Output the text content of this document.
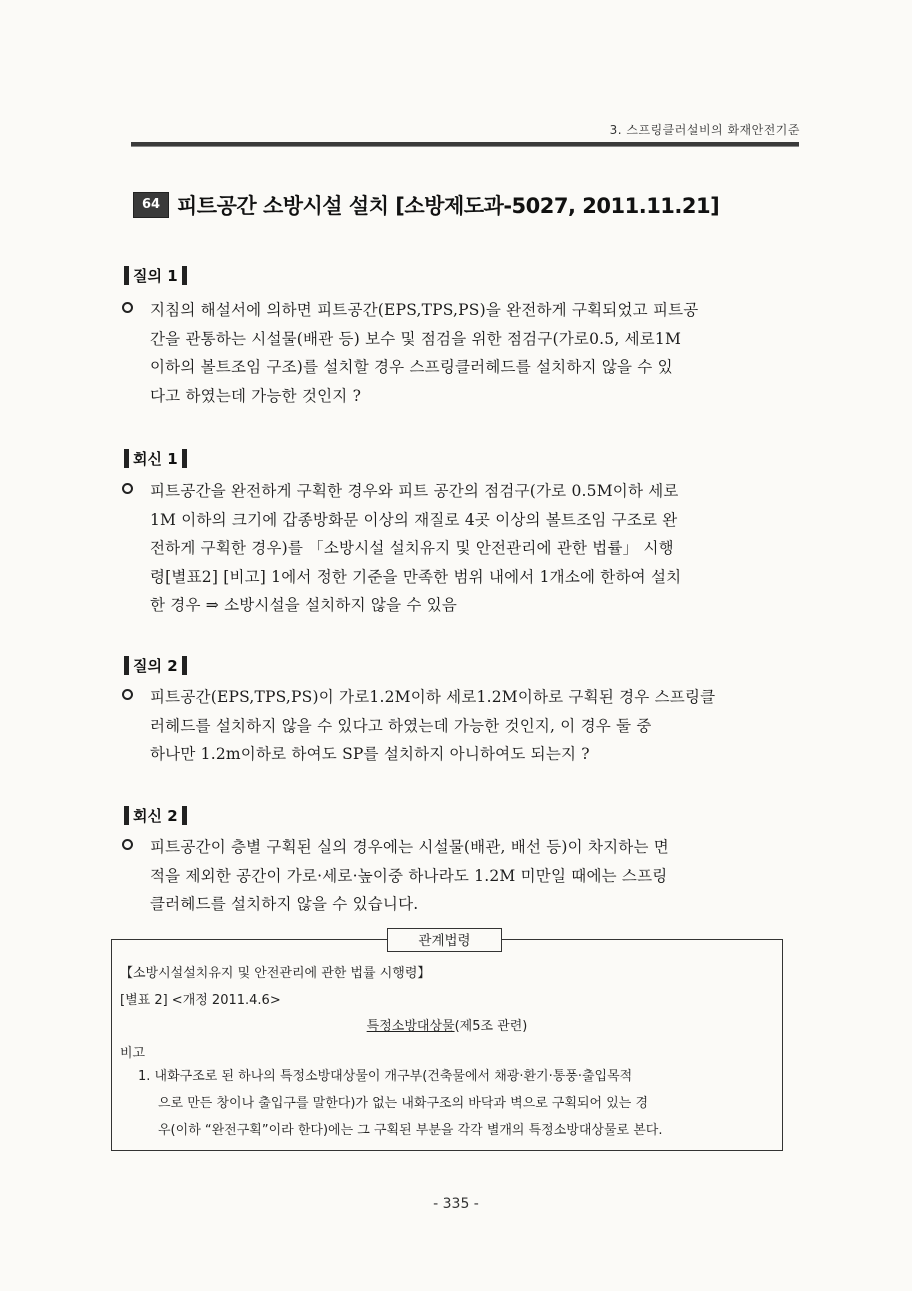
3. 스프링클러설비의 화재안전기준
64 피트공간 소방시설 설치 [소방제도과-5027, 2011.11.21]
질의 1
지침의 해설서에 의하면 피트공간(EPS,TPS,PS)을 완전하게 구획되었고 피트공
간을 관통하는 시설물(배관 등) 보수 및 점검을 위한 점검구(가로0.5, 세로1M
이하의 볼트조임 구조)를 설치할 경우 스프링클러헤드를 설치하지 않을 수 있
다고 하였는데 가능한 것인지 ?
회신 1
피트공간을 완전하게 구획한 경우와 피트 공간의 점검구(가로 0.5M이하 세로
1M 이하의 크기에 갑종방화문 이상의 재질로 4곳 이상의 볼트조임 구조로 완
전하게 구획한 경우)를 「소방시설 설치유지 및 안전관리에 관한 법률」 시행
령[별표2] [비고] 1에서 정한 기준을 만족한 범위 내에서 1개소에 한하여 설치
한 경우 ⇒ 소방시설을 설치하지 않을 수 있음
질의 2
피트공간(EPS,TPS,PS)이 가로1.2M이하 세로1.2M이하로 구획된 경우 스프링클
러헤드를 설치하지 않을 수 있다고 하였는데 가능한 것인지, 이 경우 둘 중
하나만 1.2m이하로 하여도 SP를 설치하지 아니하여도 되는지 ?
회신 2
피트공간이 층별 구획된 실의 경우에는 시설물(배관, 배선 등)이 차지하는 면
적을 제외한 공간이 가로·세로·높이중 하나라도 1.2M 미만일 때에는 스프링
클러헤드를 설치하지 않을 수 있습니다.
관계법령
【소방시설설치유지 및 안전관리에 관한 법률 시행령】
[별표 2] <개정 2011.4.6>
특정소방대상물(제5조 관련)
비고
1. 내화구조로 된 하나의 특정소방대상물이 개구부(건축물에서 채광·환기·통풍·출입목적
으로 만든 창이나 출입구를 말한다)가 없는 내화구조의 바닥과 벽으로 구획되어 있는 경
우(이하 “완전구획”이라 한다)에는 그 구획된 부분을 각각 별개의 특정소방대상물로 본다.
- 335 -
